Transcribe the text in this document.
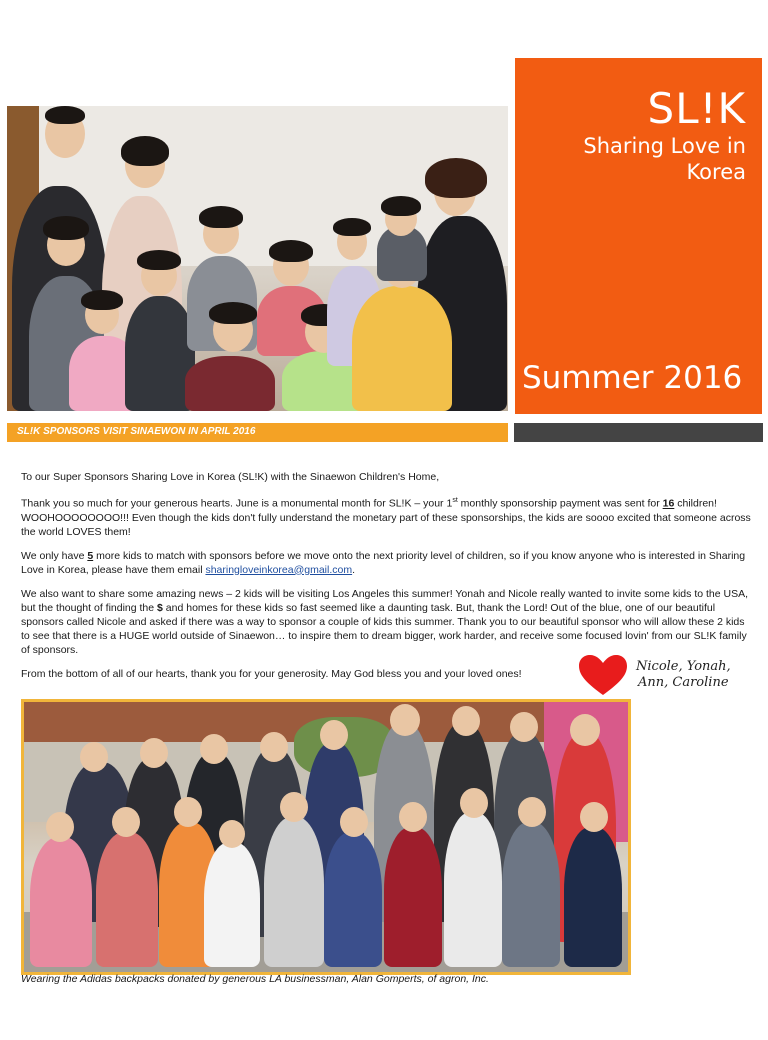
SL!K
Sharing Love in Korea
Summer 2016
SL!K SPONSORS VISIT SINAEWON IN APRIL 2016

To our Super Sponsors Sharing Love in Korea (SL!K) with the Sinaewon Children's Home,

Thank you so much for your generous hearts. June is a monumental month for SL!K – your 1st monthly sponsorship payment was sent for 16 children! WOOHOOOOOOOO!!! Even though the kids don't fully understand the monetary part of these sponsorships, the kids are soooo excited that someone across the world LOVES them!

We only have 5 more kids to match with sponsors before we move onto the next priority level of children, so if you know anyone who is interested in Sharing Love in Korea, please have them email sharingloveinkorea@gmail.com.

We also want to share some amazing news – 2 kids will be visiting Los Angeles this summer! Yonah and Nicole really wanted to invite some kids to the USA, but the thought of finding the $ and homes for these kids so fast seemed like a daunting task. But, thank the Lord! Out of the blue, one of our beautiful sponsors called Nicole and asked if there was a way to sponsor a couple of kids this summer. Thank you to our beautiful sponsor who will allow these 2 kids to see that there is a HUGE world outside of Sinaewon… to inspire them to dream bigger, work harder, and receive some focused lovin' from our SL!K family of sponsors.

From the bottom of all of our hearts, thank you for your generosity. May God bless you and your loved ones!	Nicole, Yonah,
Ann, Caroline
Wearing the Adidas backpacks donated by generous LA businessman, Alan Gomperts, of agron, Inc.
